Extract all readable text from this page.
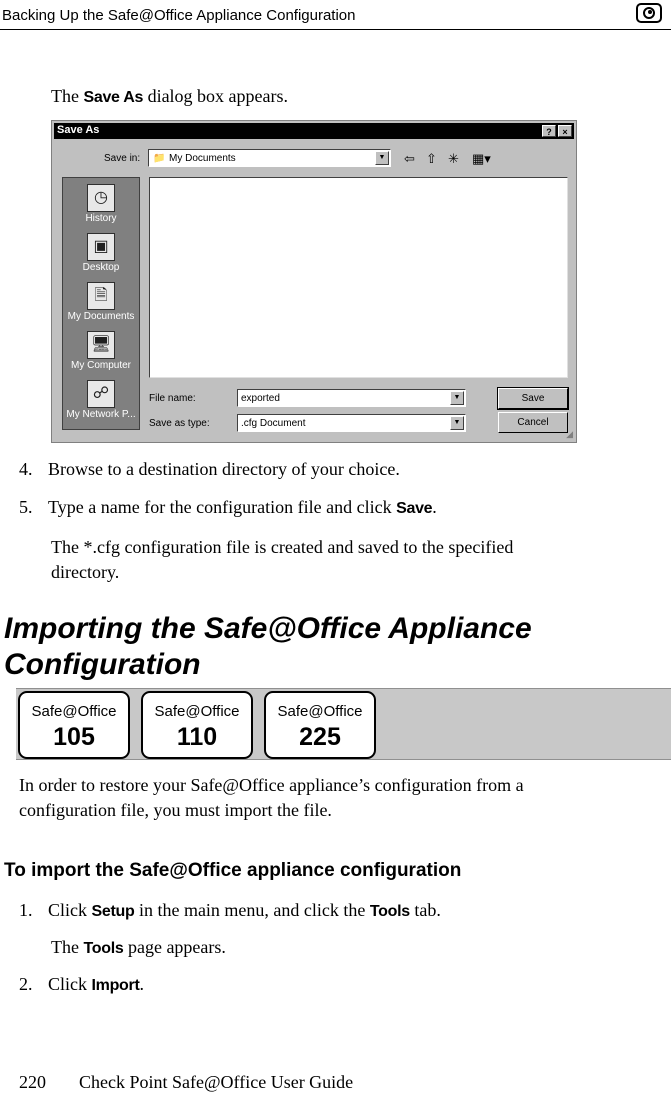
Backing Up the Safe@Office Appliance Configuration
The Save As dialog box appears.
Save As	?	×
Save in: 📁 My Documents	▼ ⇦ ⇧ ✳ ▦▾
◷
History
▣
Desktop
🗎
My Documents
🖥
My Computer
☍
My Network P...
File name:	exported	▼
Save as type:	.cfg Document	▼
Save
Cancel
◢
4. Browse to a destination directory of your choice.
5. Type a name for the configuration file and click Save.
The *.cfg configuration file is created and saved to the specified
directory.
Importing the Safe@Office Appliance
Configuration
Safe@Office
105
Safe@Office
110
Safe@Office
225
In order to restore your Safe@Office appliance’s configuration from a
configuration file, you must import the file.
To import the Safe@Office appliance configuration
1. Click Setup in the main menu, and click the Tools tab.
The Tools page appears.
2. Click Import.
220 Check Point Safe@Office User Guide
